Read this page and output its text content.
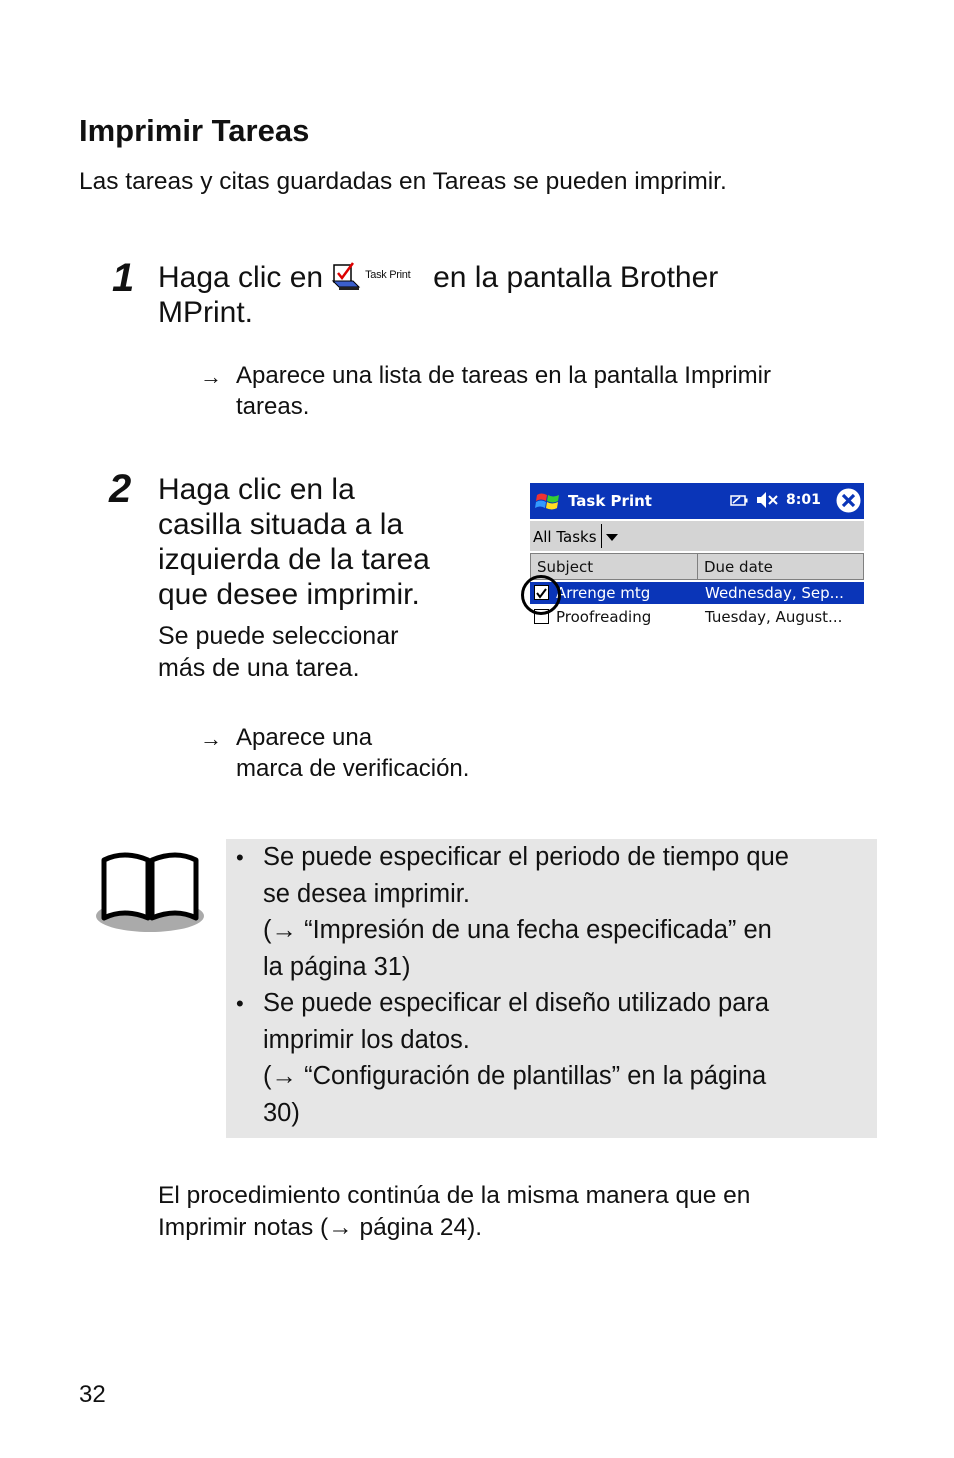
Imprimir Tareas
Las tareas y citas guardadas en Tareas se pueden imprimir.
1 Haga clic en	Task Print en la pantalla Brother
MPrint.
→ Aparece una lista de tareas en la pantalla Imprimir
tareas.
2 Haga clic en la
casilla situada a la
izquierda de la tarea
que desee imprimir.
Se puede seleccionar
más de una tarea.
→ Aparece una
marca de verificación.
Task Print	8:01
All Tasks
Subject	Due date
Arrenge mtg	Wednesday, Sep...
Proofreading	Tuesday, August...
• Se puede especificar el periodo de tiempo que
se desea imprimir.
(→ “Impresión de una fecha especificada” en
la página 31)
• Se puede especificar el diseño utilizado para
imprimir los datos.
(→ “Configuración de plantillas” en la página
30)
El procedimiento continúa de la misma manera que en
Imprimir notas (→ página 24).
32
